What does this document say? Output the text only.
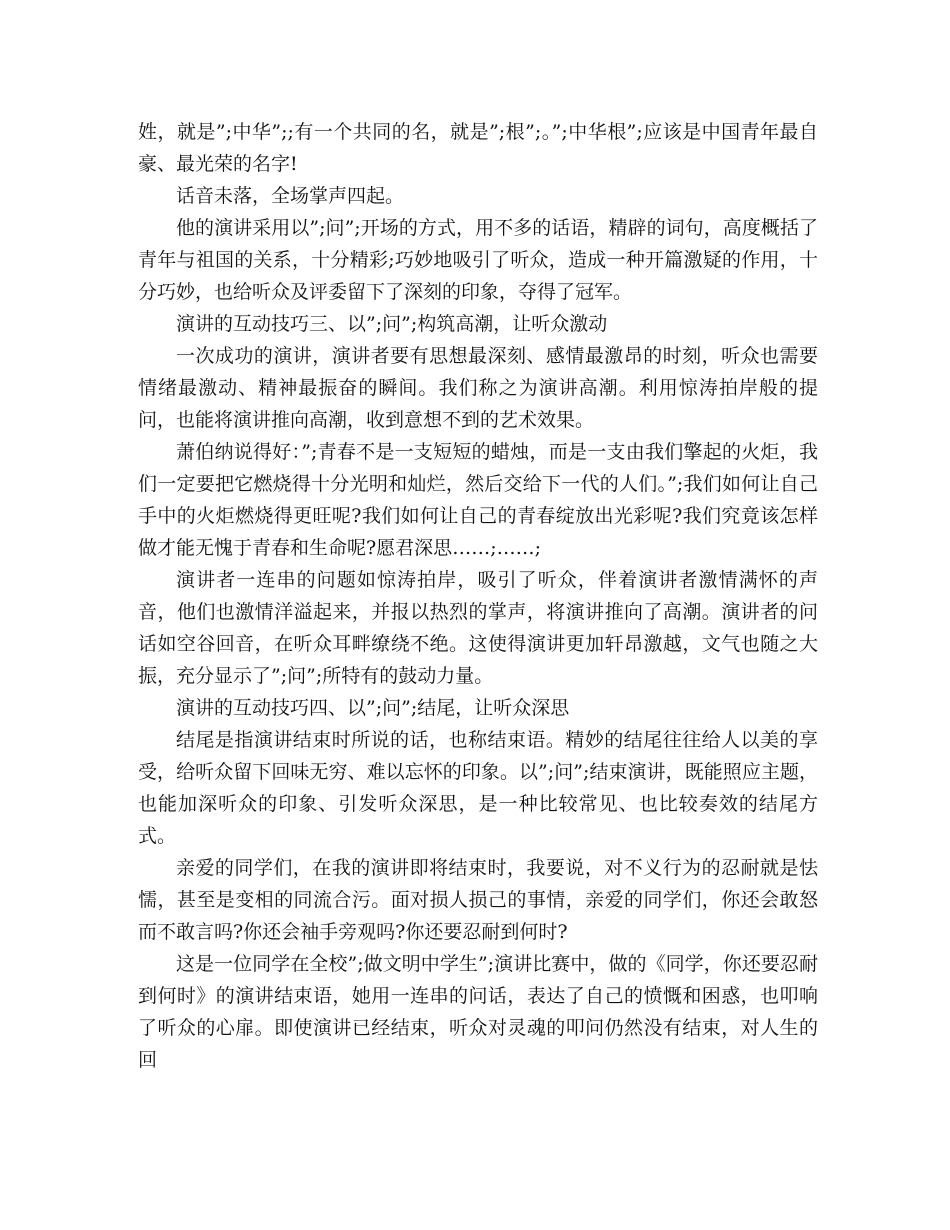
姓，就是”;中华”;;有一个共同的名，就是”;根”;。”;中华根”;应该是中国青年最自豪、最光荣的名字!

话音未落，全场掌声四起。

他的演讲采用以”;问”;开场的方式，用不多的话语，精辟的词句，高度概括了青年与祖国的关系，十分精彩;巧妙地吸引了听众，造成一种开篇激疑的作用，十分巧妙，也给听众及评委留下了深刻的印象，夺得了冠军。

演讲的互动技巧三、以”;问”;构筑高潮，让听众激动

一次成功的演讲，演讲者要有思想最深刻、感情最激昂的时刻，听众也需要情绪最激动、精神最振奋的瞬间。我们称之为演讲高潮。利用惊涛拍岸般的提问，也能将演讲推向高潮，收到意想不到的艺术效果。

萧伯纳说得好：”;青春不是一支短短的蜡烛，而是一支由我们擎起的火炬，我们一定要把它燃烧得十分光明和灿烂，然后交给下一代的人们。”;我们如何让自己手中的火炬燃烧得更旺呢?我们如何让自己的青春绽放出光彩呢?我们究竟该怎样做才能无愧于青春和生命呢?愿君深思……;……;

演讲者一连串的问题如惊涛拍岸，吸引了听众，伴着演讲者激情满怀的声音，他们也激情洋溢起来，并报以热烈的掌声，将演讲推向了高潮。演讲者的问话如空谷回音，在听众耳畔缭绕不绝。这使得演讲更加轩昂激越，文气也随之大振，充分显示了”;问”;所特有的鼓动力量。

演讲的互动技巧四、以”;问”;结尾，让听众深思

结尾是指演讲结束时所说的话，也称结束语。精妙的结尾往往给人以美的享受，给听众留下回味无穷、难以忘怀的印象。以”;问”;结束演讲，既能照应主题，也能加深听众的印象、引发听众深思，是一种比较常见、也比较奏效的结尾方式。

亲爱的同学们，在我的演讲即将结束时，我要说，对不义行为的忍耐就是怯懦，甚至是变相的同流合污。面对损人损己的事情，亲爱的同学们，你还会敢怒而不敢言吗?你还会袖手旁观吗?你还要忍耐到何时?

这是一位同学在全校”;做文明中学生”;演讲比赛中，做的《同学，你还要忍耐到何时》的演讲结束语，她用一连串的问话，表达了自己的愤慨和困惑，也叩响了听众的心扉。即使演讲已经结束，听众对灵魂的叩问仍然没有结束，对人生的回
